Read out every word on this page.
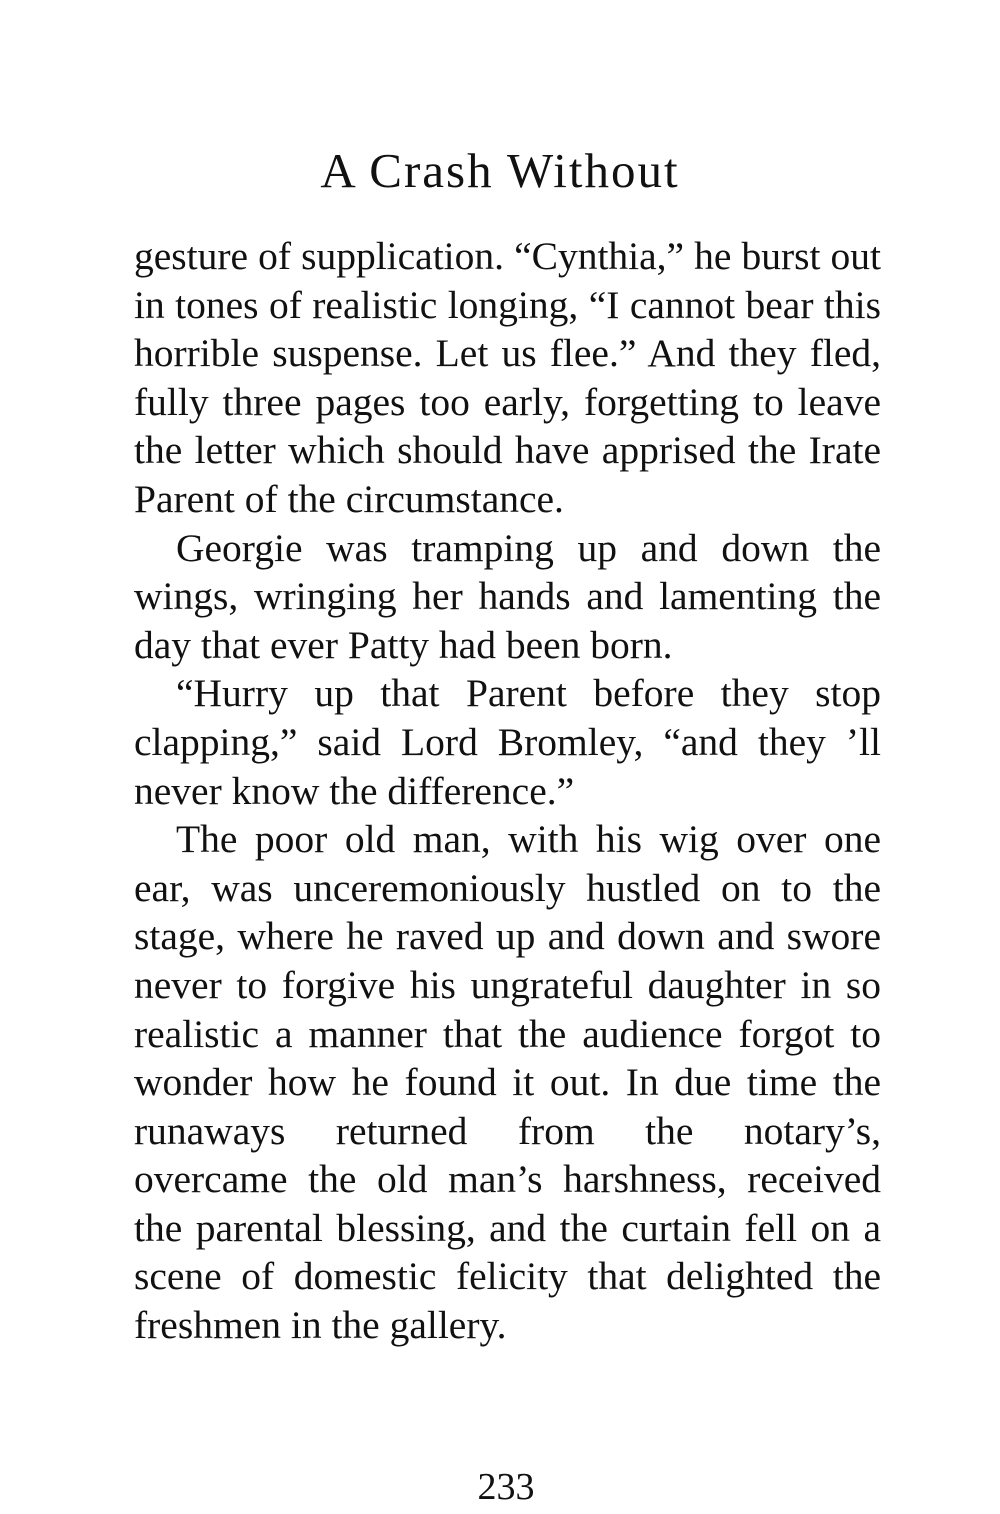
A Crash Without

gesture of supplication. “Cynthia,” he burst out in tones of realistic longing, “I cannot bear this horrible suspense. Let us flee.” And they fled, fully three pages too early, forgetting to leave the letter which should have apprised the Irate Parent of the circumstance.

Georgie was tramping up and down the wings, wringing her hands and lamenting the day that ever Patty had been born.

“Hurry up that Parent before they stop clapping,” said Lord Bromley, “and they ’ll never know the difference.”

The poor old man, with his wig over one ear, was unceremoniously hustled on to the stage, where he raved up and down and swore never to forgive his ungrateful daughter in so realistic a manner that the audience forgot to wonder how he found it out. In due time the runaways returned from the notary’s, overcame the old man’s harshness, received the parental blessing, and the curtain fell on a scene of domestic felicity that delighted the freshmen in the gallery.

233
